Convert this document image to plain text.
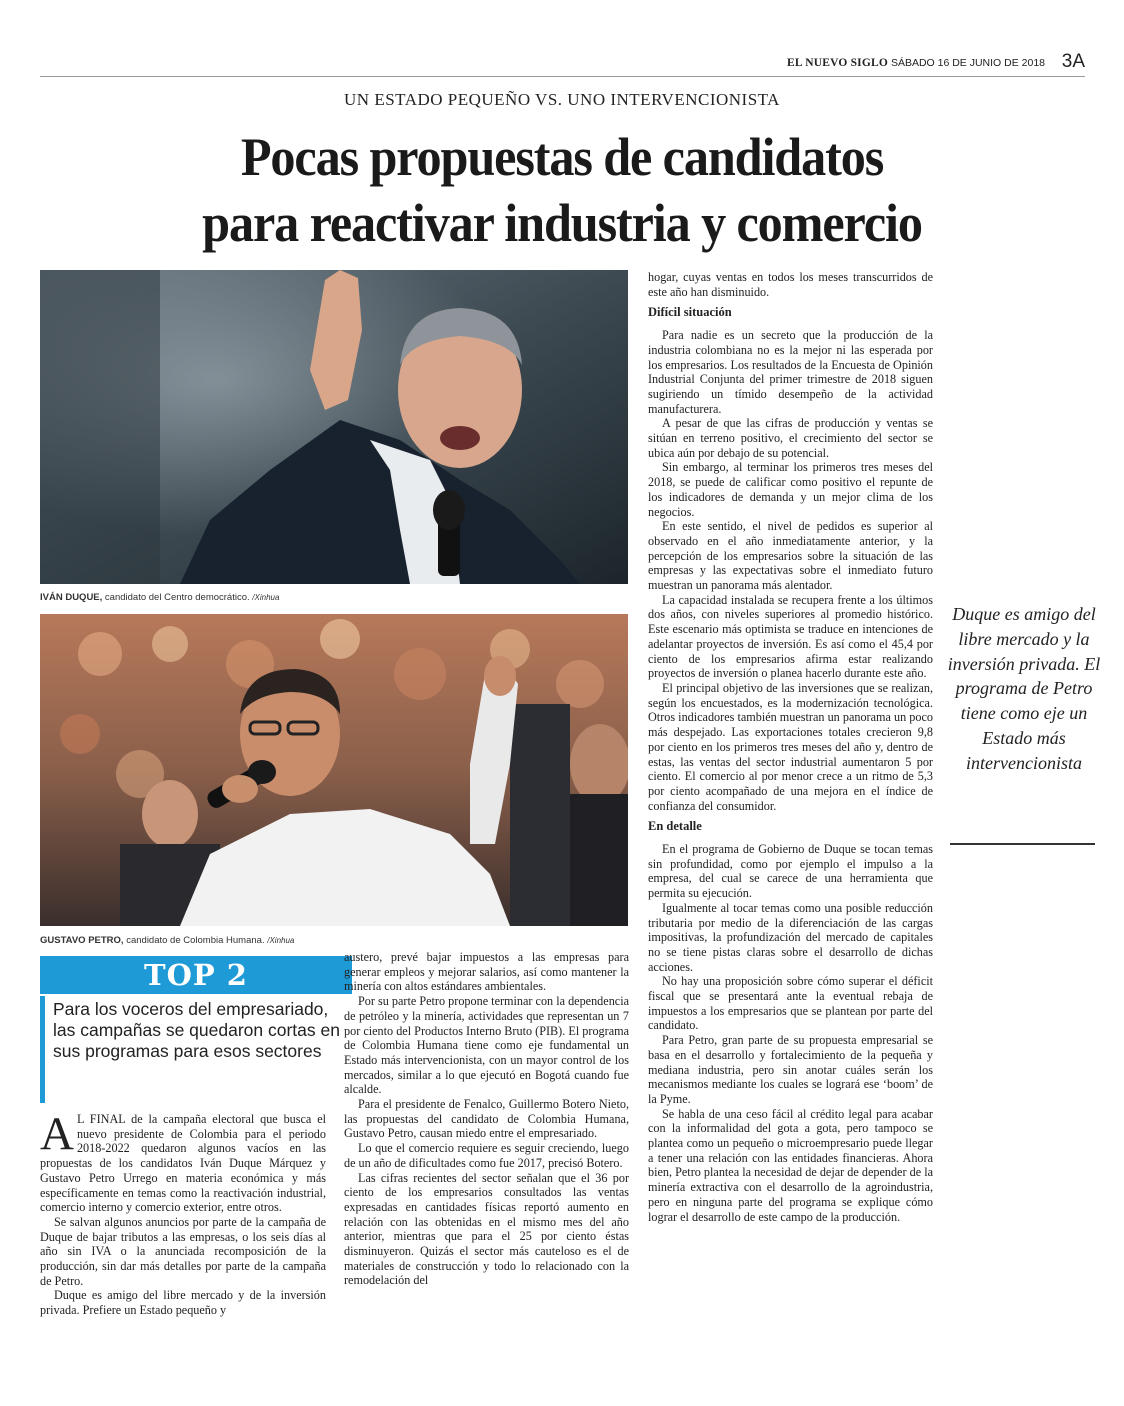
EL NUEVO SIGLO SÁBADO 16 DE JUNIO DE 2018 3A
UN ESTADO PEQUEÑO VS. UNO INTERVENCIONISTA
Pocas propuestas de candidatos
para reactivar industria y comercio
IVÁN DUQUE, candidato del Centro democrático. /Xinhua
GUSTAVO PETRO, candidato de Colombia Humana. /Xinhua
TOP 2
Para los voceros del empresariado, las campañas se quedaron cortas en sus programas para esos sectores

A L FINAL de la campaña electoral que busca el nuevo presidente de Colombia para el periodo 2018-2022 quedaron algunos vacíos en las propuestas de los candidatos Iván Duque Márquez y Gustavo Petro Urrego en materia económica y más específicamente en temas como la reactivación industrial, comercio interno y comercio exterior, entre otros.

Se salvan algunos anuncios por parte de la campaña de Duque de bajar tributos a las empresas, o los seis días al año sin IVA o la anunciada recomposición de la producción, sin dar más detalles por parte de la campaña de Petro.

Duque es amigo del libre mercado y de la inversión privada. Prefiere un Estado pequeño y

austero, prevé bajar impuestos a las empresas para generar empleos y mejorar salarios, así como mantener la minería con altos estándares ambientales.

Por su parte Petro propone terminar con la dependencia de petróleo y la minería, actividades que representan un 7 por ciento del Productos Interno Bruto (PIB). El programa de Colombia Humana tiene como eje fundamental un Estado más intervencionista, con un mayor control de los mercados, similar a lo que ejecutó en Bogotá cuando fue alcalde.

Para el presidente de Fenalco, Guillermo Botero Nieto, las propuestas del candidato de Colombia Humana, Gustavo Petro, causan miedo entre el empresariado.

Lo que el comercio requiere es seguir creciendo, luego de un año de dificultades como fue 2017, precisó Botero.

Las cifras recientes del sector señalan que el 36 por ciento de los empresarios consultados las ventas expresadas en cantidades físicas reportó aumento en relación con las obtenidas en el mismo mes del año anterior, mientras que para el 25 por ciento éstas disminuyeron. Quizás el sector más cauteloso es el de materiales de construcción y todo lo relacionado con la remodelación del

hogar, cuyas ventas en todos los meses transcurridos de este año han disminuido.

Difícil situación

Para nadie es un secreto que la producción de la industria colombiana no es la mejor ni las esperada por los empresarios. Los resultados de la Encuesta de Opinión Industrial Conjunta del primer trimestre de 2018 siguen sugiriendo un tímido desempeño de la actividad manufacturera.

A pesar de que las cifras de producción y ventas se sitúan en terreno positivo, el crecimiento del sector se ubica aún por debajo de su potencial.

Sin embargo, al terminar los primeros tres meses del 2018, se puede de calificar como positivo el repunte de los indicadores de demanda y un mejor clima de los negocios.

En este sentido, el nivel de pedidos es superior al observado en el año inmediatamente anterior, y la percepción de los empresarios sobre la situación de las empresas y las expectativas sobre el inmediato futuro muestran un panorama más alentador.

La capacidad instalada se recupera frente a los últimos dos años, con niveles superiores al promedio histórico. Este escenario más optimista se traduce en intenciones de adelantar proyectos de inversión. Es así como el 45,4 por ciento de los empresarios afirma estar realizando proyectos de inversión o planea hacerlo durante este año.

El principal objetivo de las inversiones que se realizan, según los encuestados, es la modernización tecnológica. Otros indicadores también muestran un panorama un poco más despejado. Las exportaciones totales crecieron 9,8 por ciento en los primeros tres meses del año y, dentro de estas, las ventas del sector industrial aumentaron 5 por ciento. El comercio al por menor crece a un ritmo de 5,3 por ciento acompañado de una mejora en el índice de confianza del consumidor.

En detalle

En el programa de Gobierno de Duque se tocan temas sin profundidad, como por ejemplo el impulso a la empresa, del cual se carece de una herramienta que permita su ejecución.

Igualmente al tocar temas como una posible reducción tributaria por medio de la diferenciación de las cargas impositivas, la profundización del mercado de capitales no se tiene pistas claras sobre el desarrollo de dichas acciones.

No hay una proposición sobre cómo superar el déficit fiscal que se presentará ante la eventual rebaja de impuestos a los empresarios que se plantean por parte del candidato.

Para Petro, gran parte de su propuesta empresarial se basa en el desarrollo y fortalecimiento de la pequeña y mediana industria, pero sin anotar cuáles serán los mecanismos mediante los cuales se logrará ese ‘boom’ de la Pyme.

Se habla de una ceso fácil al crédito legal para acabar con la informalidad del gota a gota, pero tampoco se plantea como un pequeño o microempresario puede llegar a tener una relación con las entidades financieras. Ahora bien, Petro plantea la necesidad de dejar de depender de la minería extractiva con el desarrollo de la agroindustria, pero en ninguna parte del programa se explique cómo lograr el desarrollo de este campo de la producción.

Duque es amigo del libre mercado y la inversión privada. El programa de Petro tiene como eje un Estado más intervencionista
